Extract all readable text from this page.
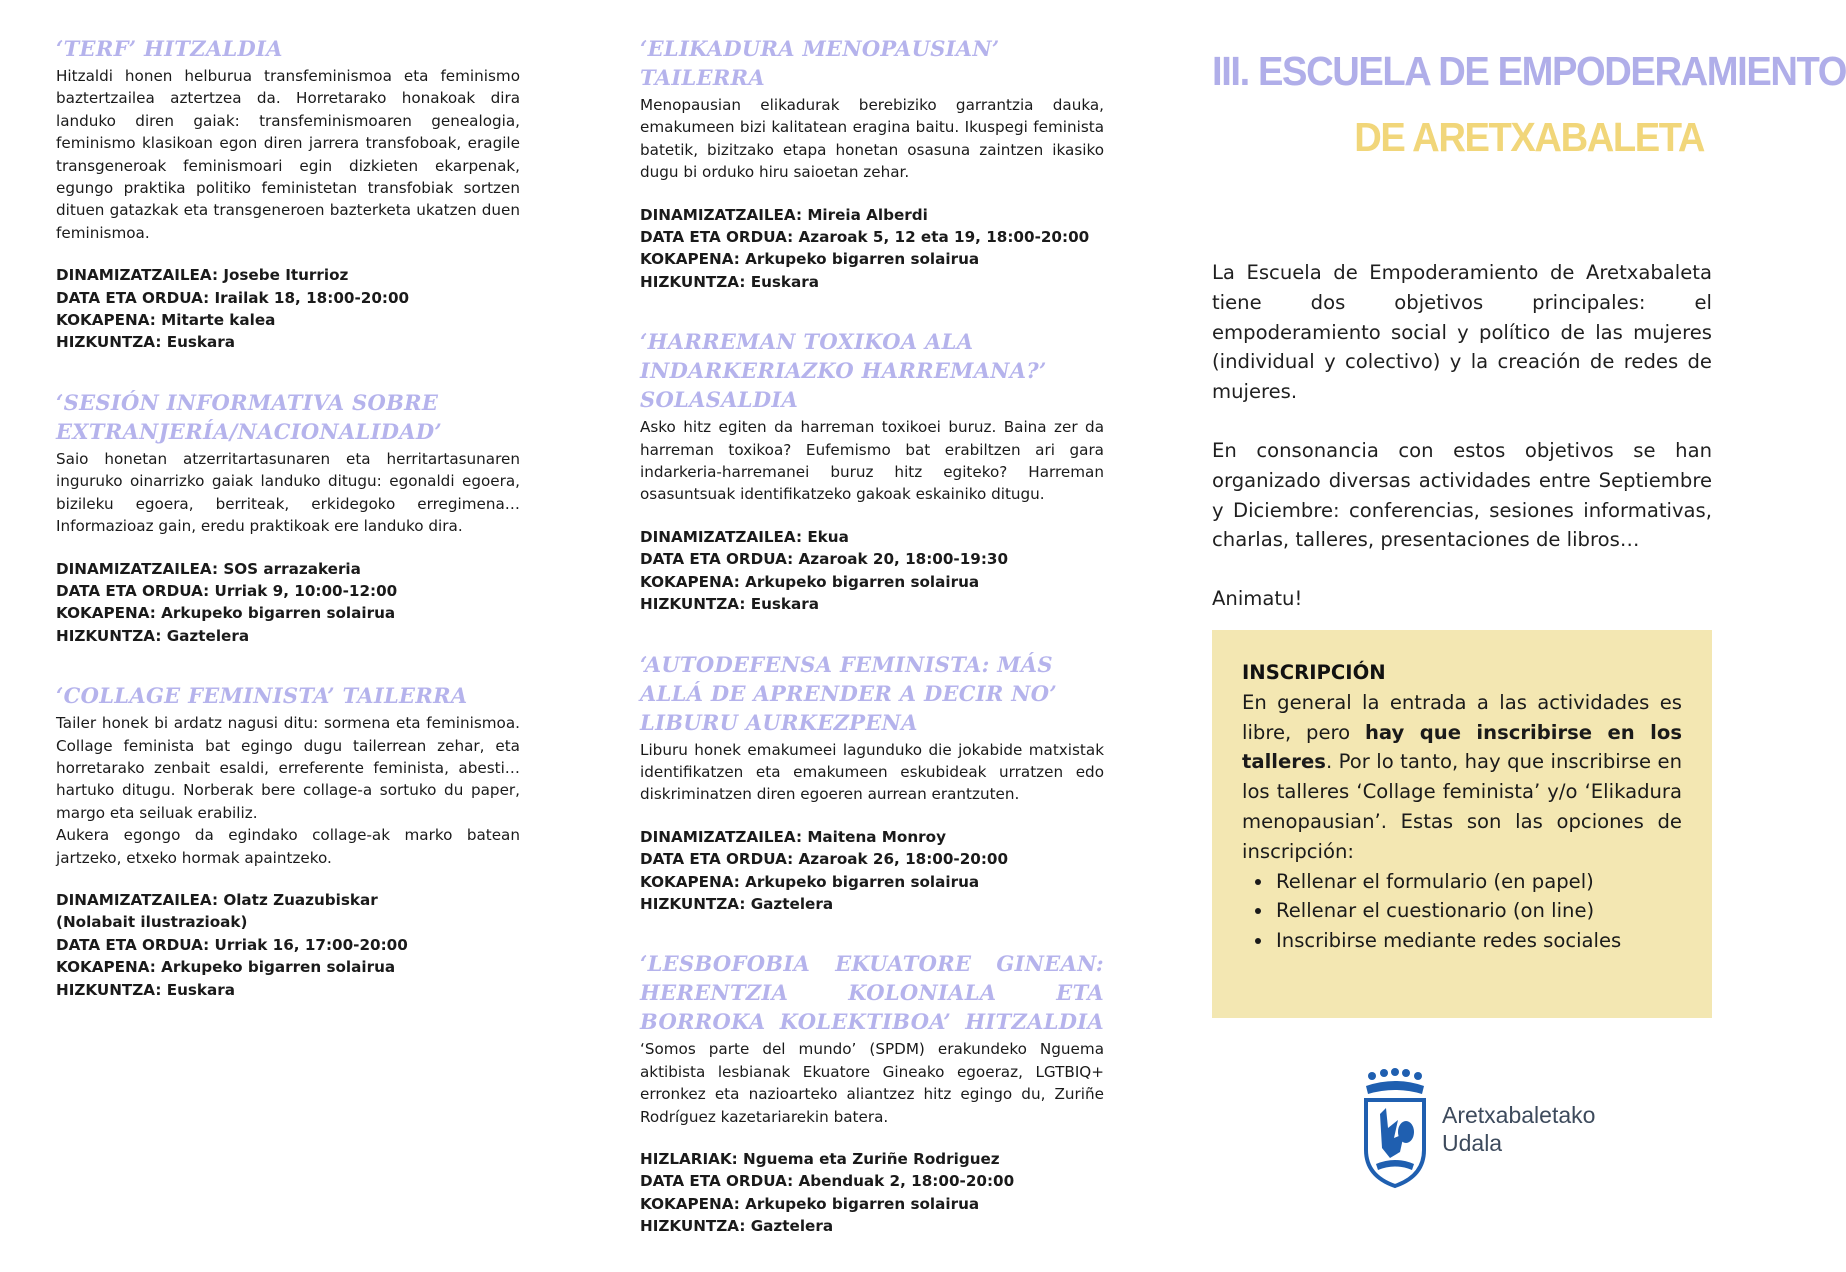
‘TERF’ HITZALDIA

Hitzaldi honen helburua transfeminismoa eta feminismo baztertzailea aztertzea da. Horretarako honakoak dira landuko diren gaiak: transfeminismoaren genealogia, feminismo klasikoan egon diren jarrera transfoboak, eragile transgeneroak feminismoari egin dizkieten ekarpenak, egungo praktika politiko feministetan transfobiak sortzen dituen gatazkak eta transgeneroen bazterketa ukatzen duen feminismoa.

DINAMIZATZAILEA: Josebe Iturrioz

DATA ETA ORDUA: Irailak 18, 18:00-20:00

KOKAPENA: Mitarte kalea

HIZKUNTZA: Euskara

‘SESIÓN INFORMATIVA SOBRE EXTRANJERÍA/NACIONALIDAD’

Saio honetan atzerritartasunaren eta herritartasunaren inguruko oinarrizko gaiak landuko ditugu: egonaldi egoera, bizileku egoera, berriteak, erkidegoko erregimena… Informazioaz gain, eredu praktikoak ere landuko dira.

DINAMIZATZAILEA: SOS arrazakeria

DATA ETA ORDUA: Urriak 9, 10:00-12:00

KOKAPENA: Arkupeko bigarren solairua

HIZKUNTZA: Gaztelera

‘COLLAGE FEMINISTA’ TAILERRA
Tailer honek bi ardatz nagusi ditu: sormena eta feminismoa. Collage feminista bat egingo dugu tailerrean zehar, eta horretarako zenbait esaldi, erreferente feminista, abesti… hartuko ditugu. Norberak bere collage-a sortuko du paper, margo eta seiluak erabiliz.
Aukera egongo da egindako collage-ak marko batean jartzeko, etxeko hormak apaintzeko.

DINAMIZATZAILEA: Olatz Zuazubiskar

(Nolabait ilustrazioak)

DATA ETA ORDUA: Urriak 16, 17:00-20:00

KOKAPENA: Arkupeko bigarren solairua

HIZKUNTZA: Euskara

‘ELIKADURA MENOPAUSIAN’ TAILERRA

Menopausian elikadurak berebiziko garrantzia dauka, emakumeen bizi kalitatean eragina baitu. Ikuspegi feminista batetik, bizitzako etapa honetan osasuna zaintzen ikasiko dugu bi orduko hiru saioetan zehar.

DINAMIZATZAILEA: Mireia Alberdi

DATA ETA ORDUA: Azaroak 5, 12 eta 19, 18:00-20:00

KOKAPENA: Arkupeko bigarren solairua

HIZKUNTZA: Euskara

‘HARREMAN TOXIKOA ALA INDARKERIAZKO HARREMANA?’ SOLASALDIA

Asko hitz egiten da harreman toxikoei buruz. Baina zer da harreman toxikoa? Eufemismo bat erabiltzen ari gara indarkeria-harremanei buruz hitz egiteko? Harreman osasuntsuak identifikatzeko gakoak eskainiko ditugu.

DINAMIZATZAILEA: Ekua

DATA ETA ORDUA: Azaroak 20, 18:00-19:30

KOKAPENA: Arkupeko bigarren solairua

HIZKUNTZA: Euskara

‘AUTODEFENSA FEMINISTA: MÁS ALLÁ DE APRENDER A DECIR NO’ LIBURU AURKEZPENA

Liburu honek emakumeei lagunduko die jokabide matxistak identifikatzen eta emakumeen eskubideak urratzen edo diskriminatzen diren egoeren aurrean erantzuten.

DINAMIZATZAILEA: Maitena Monroy

DATA ETA ORDUA: Azaroak 26, 18:00-20:00

KOKAPENA: Arkupeko bigarren solairua

HIZKUNTZA: Gaztelera

‘LESBOFOBIA EKUATORE GINEAN: HERENTZIA KOLONIALA ETA BORROKA KOLEKTIBOA’ HITZALDIA

‘Somos parte del mundo’ (SPDM) erakundeko Nguema aktibista lesbianak Ekuatore Gineako egoeraz, LGTBIQ+ erronkez eta nazioarteko aliantzez hitz egingo du, Zuriñe Rodríguez kazetariarekin batera.

HIZLARIAK: Nguema eta Zuriñe Rodriguez

DATA ETA ORDUA: Abenduak 2, 18:00-20:00

KOKAPENA: Arkupeko bigarren solairua

HIZKUNTZA: Gaztelera

III. ESCUELA DE EMPODERAMIENTO
DE ARETXABALETA

La Escuela de Empoderamiento de Aretxabaleta tiene dos objetivos principales: el empoderamiento social y político de las mujeres (individual y colectivo) y la creación de redes de mujeres.

En consonancia con estos objetivos se han organizado diversas actividades entre Septiembre y Diciembre: conferencias, sesiones informativas, charlas, talleres, presentaciones de libros…

Animatu!

INSCRIPCIÓN

En general la entrada a las actividades es libre, pero hay que inscribirse en los talleres. Por lo tanto, hay que inscribirse en los talleres ‘Collage feminista’ y/o ‘Elikadura menopausian’. Estas son las opciones de inscripción:

• Rellenar el formulario (en papel)
• Rellenar el cuestionario (on line)
• Inscribirse mediante redes sociales
Aretxabaletako
Udala
